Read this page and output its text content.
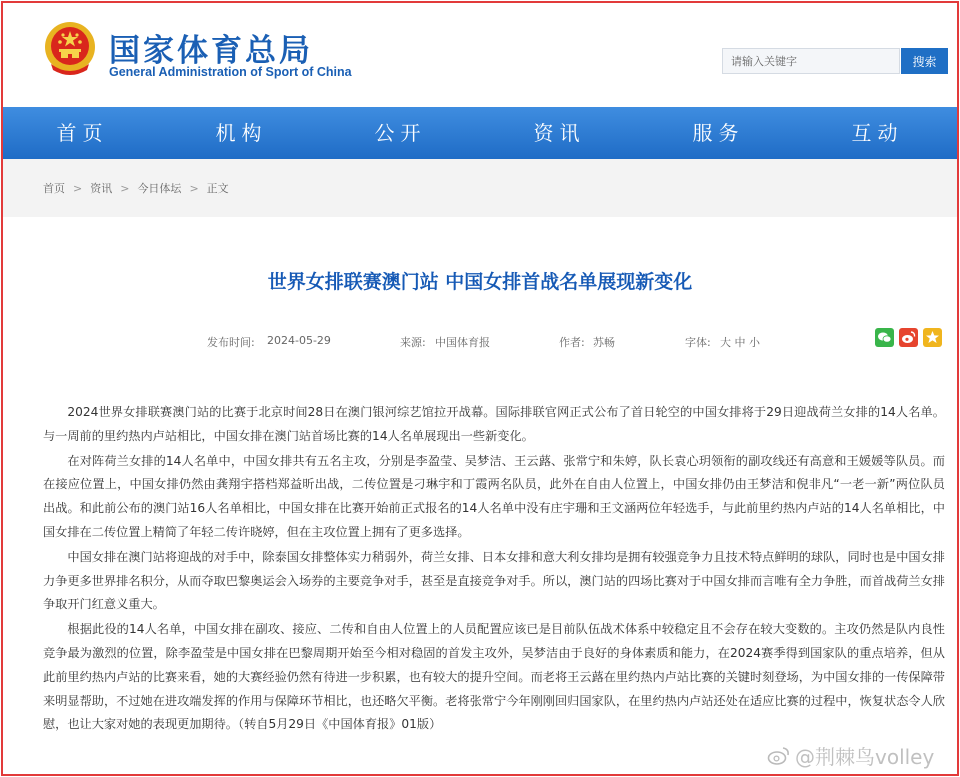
国家体育总局
General Administration of Sport of China
请输入关键字
搜索
首页	机构	公开	资讯	服务	互动
首页 > 资讯 > 今日体坛 > 正文
世界女排联赛澳门站 中国女排首战名单展现新变化
发布时间: 2024-05-29	来源: 中国体育报	作者: 苏畅	字体: 大 中 小

2024世界女排联赛澳门站的比赛于北京时间28日在澳门银河综艺馆拉开战幕。国际排联官网正式公布了首日轮空的中国女排将于29日迎战荷兰女排的14人名单。与一周前的里约热内卢站相比，中国女排在澳门站首场比赛的14人名单展现出一些新变化。

在对阵荷兰女排的14人名单中，中国女排共有五名主攻，分别是李盈莹、吴梦洁、王云蕗、张常宁和朱婷，队长袁心玥领衔的副攻线还有高意和王媛媛等队员。而在接应位置上，中国女排仍然由龚翔宇搭档郑益昕出战，二传位置是刁琳宇和丁霞两名队员，此外在自由人位置上，中国女排仍由王梦洁和倪非凡“一老一新”两位队员出战。和此前公布的澳门站16人名单相比，中国女排在比赛开始前正式报名的14人名单中没有庄宇珊和王文涵两位年轻选手，与此前里约热内卢站的14人名单相比，中国女排在二传位置上精简了年轻二传许晓婷，但在主攻位置上拥有了更多选择。

中国女排在澳门站将迎战的对手中，除泰国女排整体实力稍弱外，荷兰女排、日本女排和意大利女排均是拥有较强竞争力且技术特点鲜明的球队，同时也是中国女排力争更多世界排名积分，从而夺取巴黎奥运会入场券的主要竞争对手，甚至是直接竞争对手。所以，澳门站的四场比赛对于中国女排而言唯有全力争胜，而首战荷兰女排争取开门红意义重大。

根据此役的14人名单，中国女排在副攻、接应、二传和自由人位置上的人员配置应该已是目前队伍战术体系中较稳定且不会存在较大变数的。主攻仍然是队内良性竞争最为激烈的位置，除李盈莹是中国女排在巴黎周期开始至今相对稳固的首发主攻外，吴梦洁由于良好的身体素质和能力，在2024赛季得到国家队的重点培养，但从此前里约热内卢站的比赛来看，她的大赛经验仍然有待进一步积累，也有较大的提升空间。而老将王云蕗在里约热内卢站比赛的关键时刻登场，为中国女排的一传保障带来明显帮助，不过她在进攻端发挥的作用与保障环节相比，也还略欠平衡。老将张常宁今年刚刚回归国家队，在里约热内卢站还处在适应比赛的过程中，恢复状态令人欣慰，也让大家对她的表现更加期待。（转自5月29日《中国体育报》01版）

@荆棘鸟volley
